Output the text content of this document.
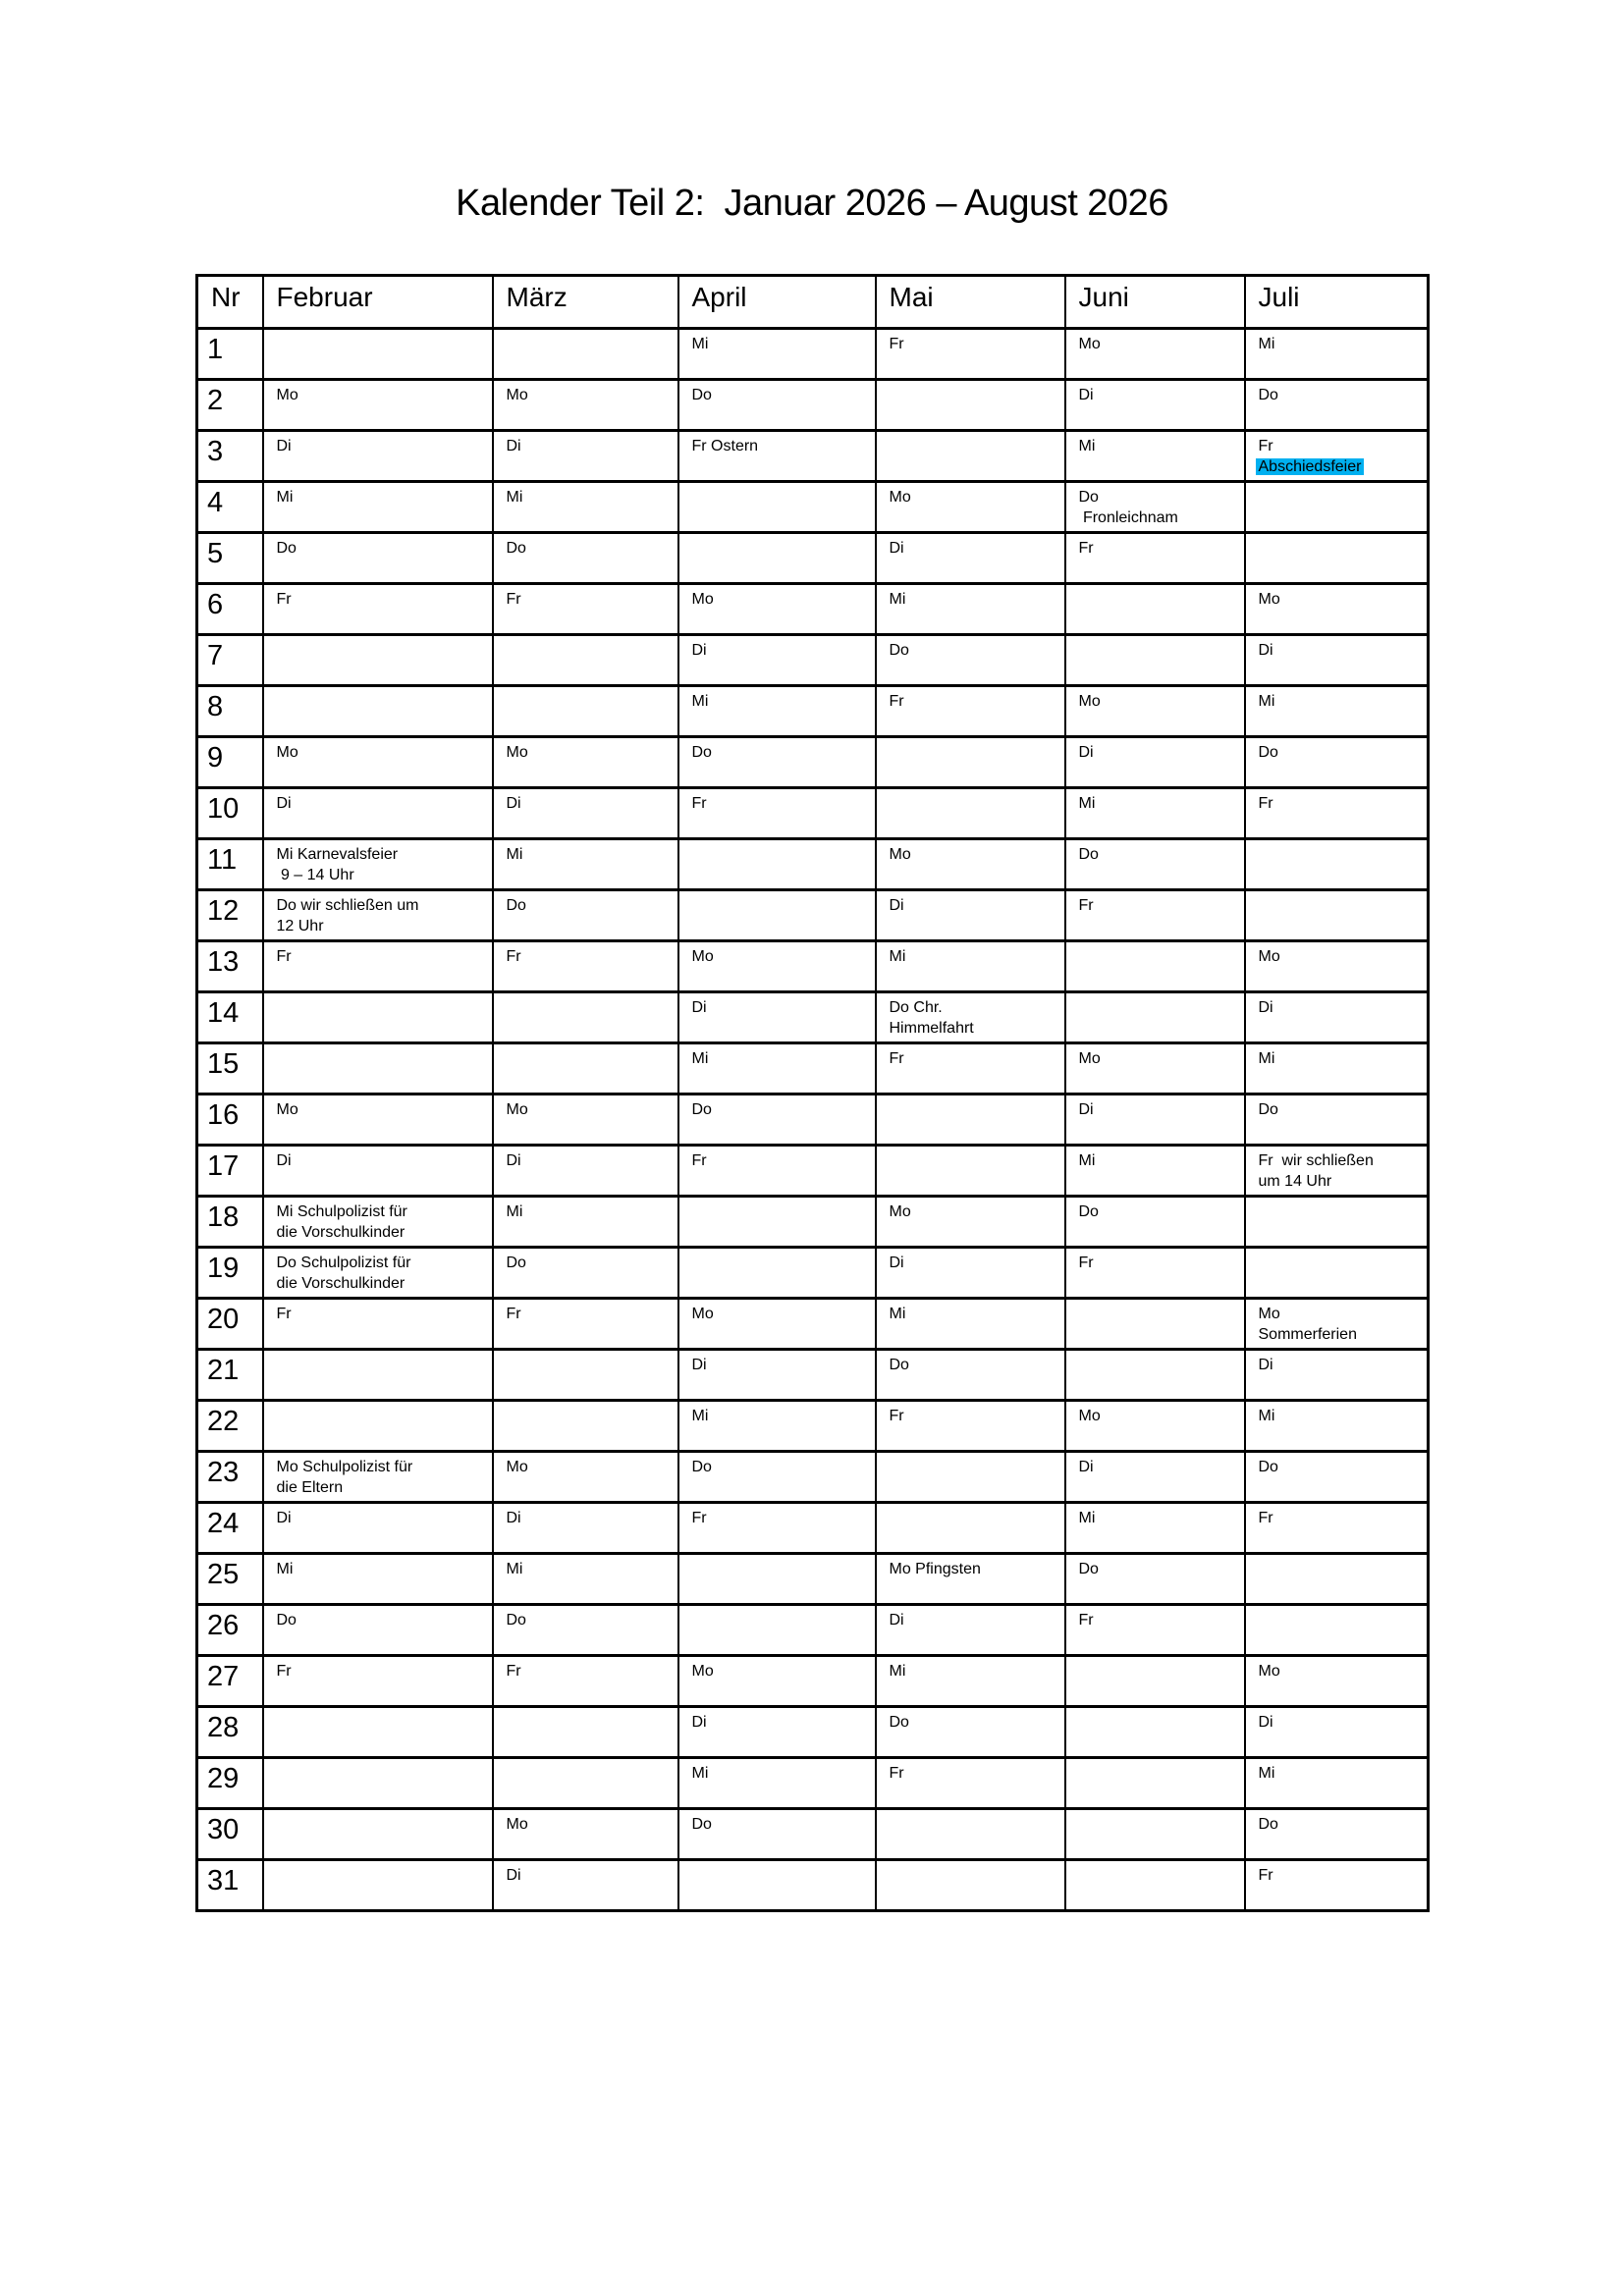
Kalender Teil 2:  Januar 2026 – August 2026
Nr	Februar	März	April	Mai	Juni	Juli
1			Mi	Fr	Mo	Mi

2	Mo	Mo	Do		Di	Do

3	Di	Di	Fr Ostern		Mi	Fr
Abschiedsfeier

4	Mi	Mi		Mo	Do
Fronleichnam	

5	Do	Do		Di	Fr	

6	Fr	Fr	Mo	Mi		Mo

7			Di	Do		Di

8			Mi	Fr	Mo	Mi

9	Mo	Mo	Do		Di	Do

10	Di	Di	Fr		Mi	Fr

11	Mi Karnevalsfeier
9 – 14 Uhr	Mi		Mo	Do	

12	Do wir schließen um
12 Uhr	Do		Di	Fr	

13	Fr	Fr	Mo	Mi		Mo

14			Di	Do Chr.
Himmelfahrt		Di

15			Mi	Fr	Mo	Mi

16	Mo	Mo	Do		Di	Do

17	Di	Di	Fr		Mi	Fr  wir schließen
um 14 Uhr

18	Mi Schulpolizist für
die Vorschulkinder	Mi		Mo	Do	

19	Do Schulpolizist für
die Vorschulkinder	Do		Di	Fr	

20	Fr	Fr	Mo	Mi		Mo
Sommerferien

21			Di	Do		Di

22			Mi	Fr	Mo	Mi

23	Mo Schulpolizist für
die Eltern	Mo	Do		Di	Do

24	Di	Di	Fr		Mi	Fr

25	Mi	Mi		Mo Pfingsten	Do	

26	Do	Do		Di	Fr	

27	Fr	Fr	Mo	Mi		Mo

28			Di	Do		Di

29			Mi	Fr		Mi

30		Mo	Do			Do

31		Di				Fr
